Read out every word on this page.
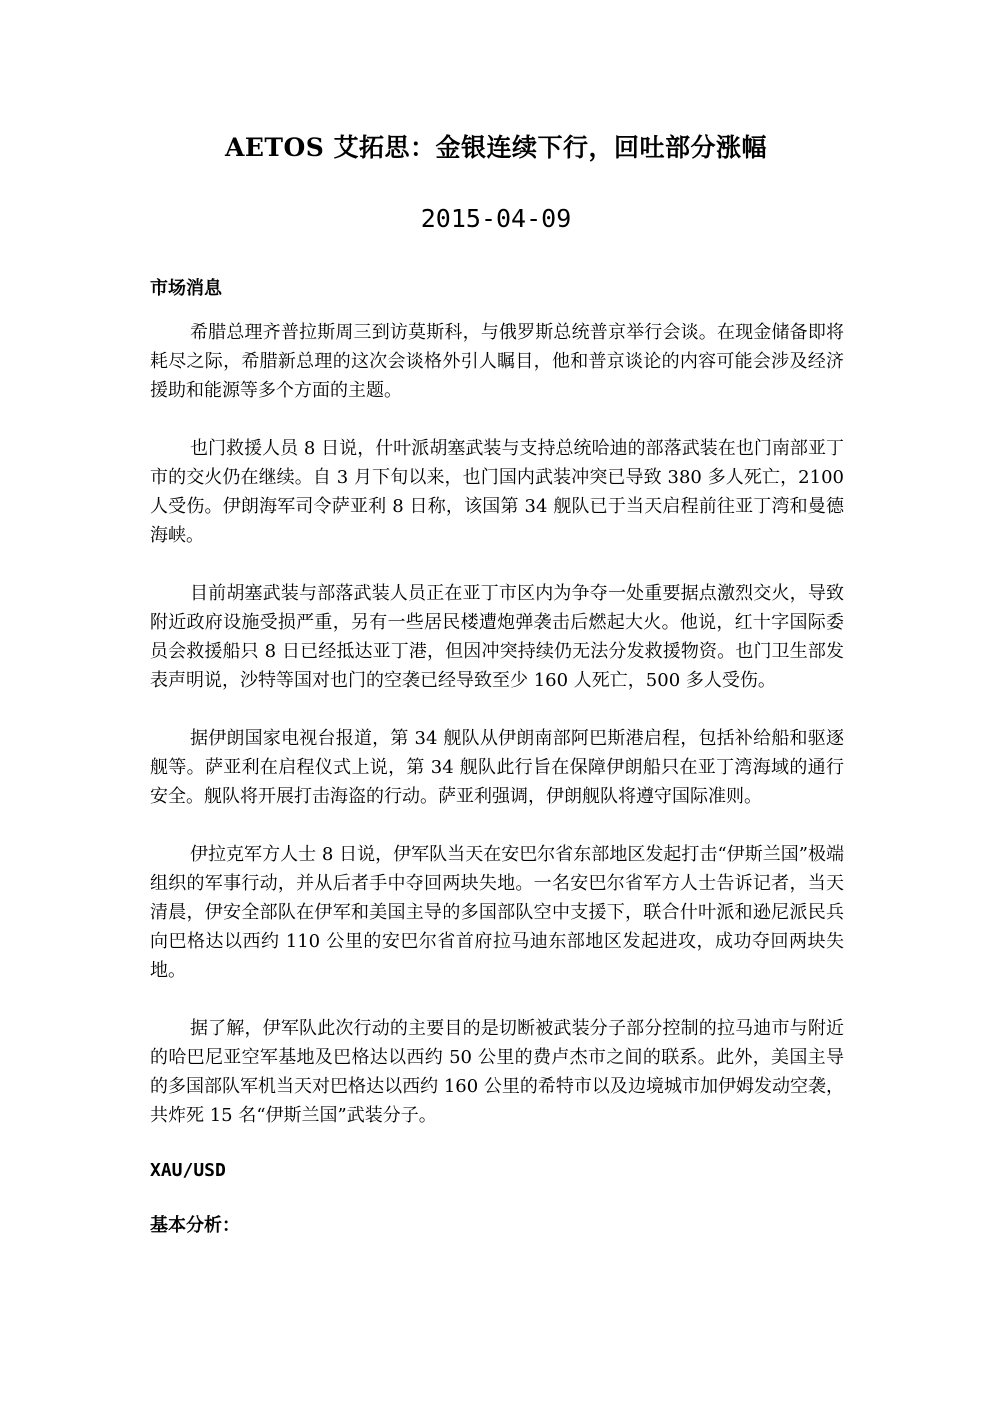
AETOS 艾拓思：金银连续下行，回吐部分涨幅
2015-04-09
市场消息

希腊总理齐普拉斯周三到访莫斯科，与俄罗斯总统普京举行会谈。在现金储备即将耗尽之际，希腊新总理的这次会谈格外引人瞩目，他和普京谈论的内容可能会涉及经济援助和能源等多个方面的主题。

也门救援人员 8 日说，什叶派胡塞武装与支持总统哈迪的部落武装在也门南部亚丁市的交火仍在继续。自 3 月下旬以来，也门国内武装冲突已导致 380 多人死亡，2100 人受伤。伊朗海军司令萨亚利 8 日称，该国第 34 舰队已于当天启程前往亚丁湾和曼德海峡。

目前胡塞武装与部落武装人员正在亚丁市区内为争夺一处重要据点激烈交火，导致附近政府设施受损严重，另有一些居民楼遭炮弹袭击后燃起大火。他说，红十字国际委员会救援船只 8 日已经抵达亚丁港，但因冲突持续仍无法分发救援物资。也门卫生部发表声明说，沙特等国对也门的空袭已经导致至少 160 人死亡，500 多人受伤。

据伊朗国家电视台报道，第 34 舰队从伊朗南部阿巴斯港启程，包括补给船和驱逐舰等。萨亚利在启程仪式上说，第 34 舰队此行旨在保障伊朗船只在亚丁湾海域的通行安全。舰队将开展打击海盗的行动。萨亚利强调，伊朗舰队将遵守国际准则。

伊拉克军方人士 8 日说，伊军队当天在安巴尔省东部地区发起打击“伊斯兰国”极端组织的军事行动，并从后者手中夺回两块失地。一名安巴尔省军方人士告诉记者，当天清晨，伊安全部队在伊军和美国主导的多国部队空中支援下，联合什叶派和逊尼派民兵向巴格达以西约 110 公里的安巴尔省首府拉马迪东部地区发起进攻，成功夺回两块失地。

据了解，伊军队此次行动的主要目的是切断被武装分子部分控制的拉马迪市与附近的哈巴尼亚空军基地及巴格达以西约 50 公里的费卢杰市之间的联系。此外，美国主导的多国部队军机当天对巴格达以西约 160 公里的希特市以及边境城市加伊姆发动空袭，共炸死 15 名“伊斯兰国”武装分子。

XAU/USD
基本分析：
